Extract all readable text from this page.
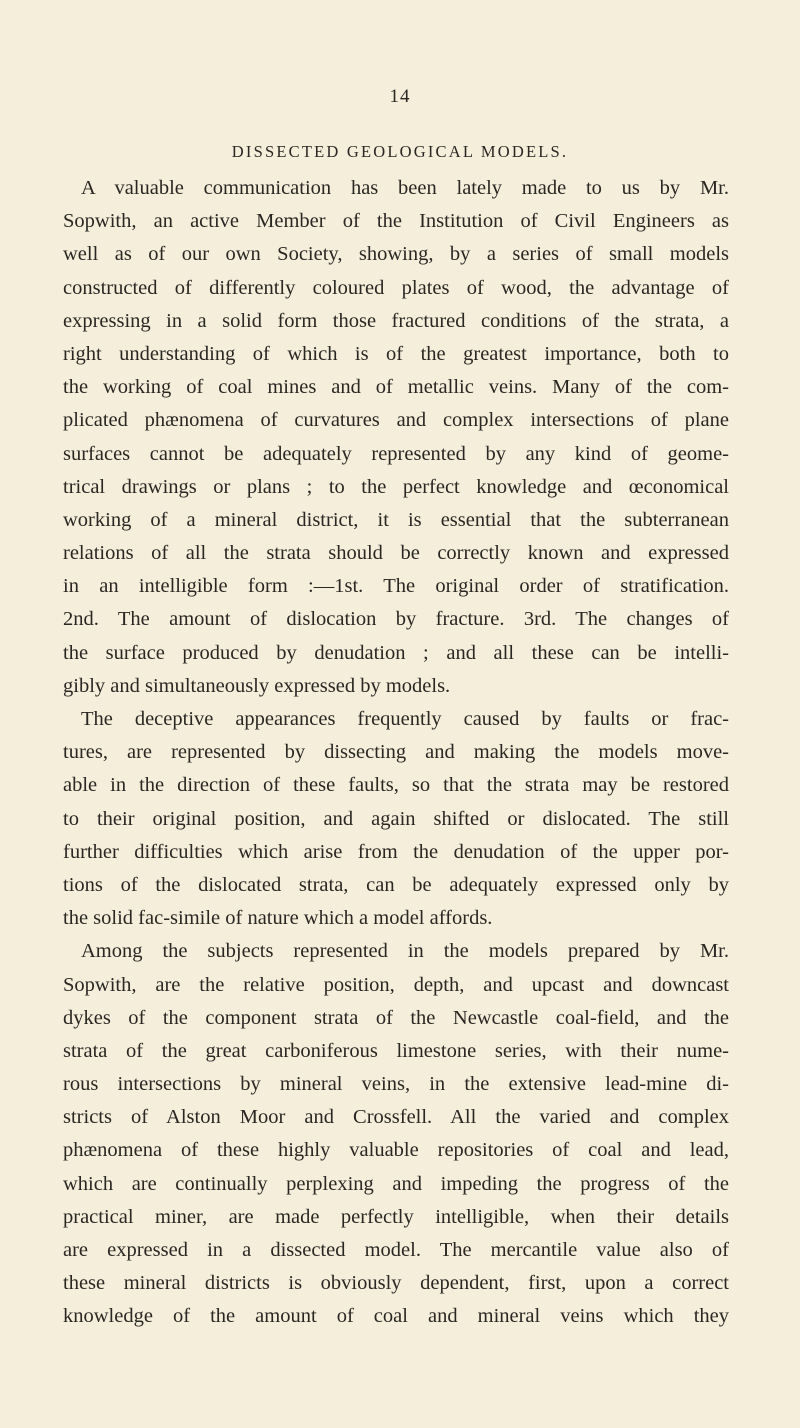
14
DISSECTED GEOLOGICAL MODELS.
A valuable communication has been lately made to us by Mr.
Sopwith, an active Member of the Institution of Civil Engineers as
well as of our own Society, showing, by a series of small models
constructed of differently coloured plates of wood, the advantage of
expressing in a solid form those fractured conditions of the strata, a
right understanding of which is of the greatest importance, both to
the working of coal mines and of metallic veins. Many of the com-
plicated phænomena of curvatures and complex intersections of plane
surfaces cannot be adequately represented by any kind of geome-
trical drawings or plans ; to the perfect knowledge and œconomical
working of a mineral district, it is essential that the subterranean
relations of all the strata should be correctly known and expressed
in an intelligible form :—1st. The original order of stratification.
2nd. The amount of dislocation by fracture. 3rd. The changes of
the surface produced by denudation ; and all these can be intelli-
gibly and simultaneously expressed by models.
The deceptive appearances frequently caused by faults or frac-
tures, are represented by dissecting and making the models move-
able in the direction of these faults, so that the strata may be restored
to their original position, and again shifted or dislocated. The still
further difficulties which arise from the denudation of the upper por-
tions of the dislocated strata, can be adequately expressed only by
the solid fac-simile of nature which a model affords.
Among the subjects represented in the models prepared by Mr.
Sopwith, are the relative position, depth, and upcast and downcast
dykes of the component strata of the Newcastle coal-field, and the
strata of the great carboniferous limestone series, with their nume-
rous intersections by mineral veins, in the extensive lead-mine di-
stricts of Alston Moor and Crossfell. All the varied and complex
phænomena of these highly valuable repositories of coal and lead,
which are continually perplexing and impeding the progress of the
practical miner, are made perfectly intelligible, when their details
are expressed in a dissected model. The mercantile value also of
these mineral districts is obviously dependent, first, upon a correct
knowledge of the amount of coal and mineral veins which they
